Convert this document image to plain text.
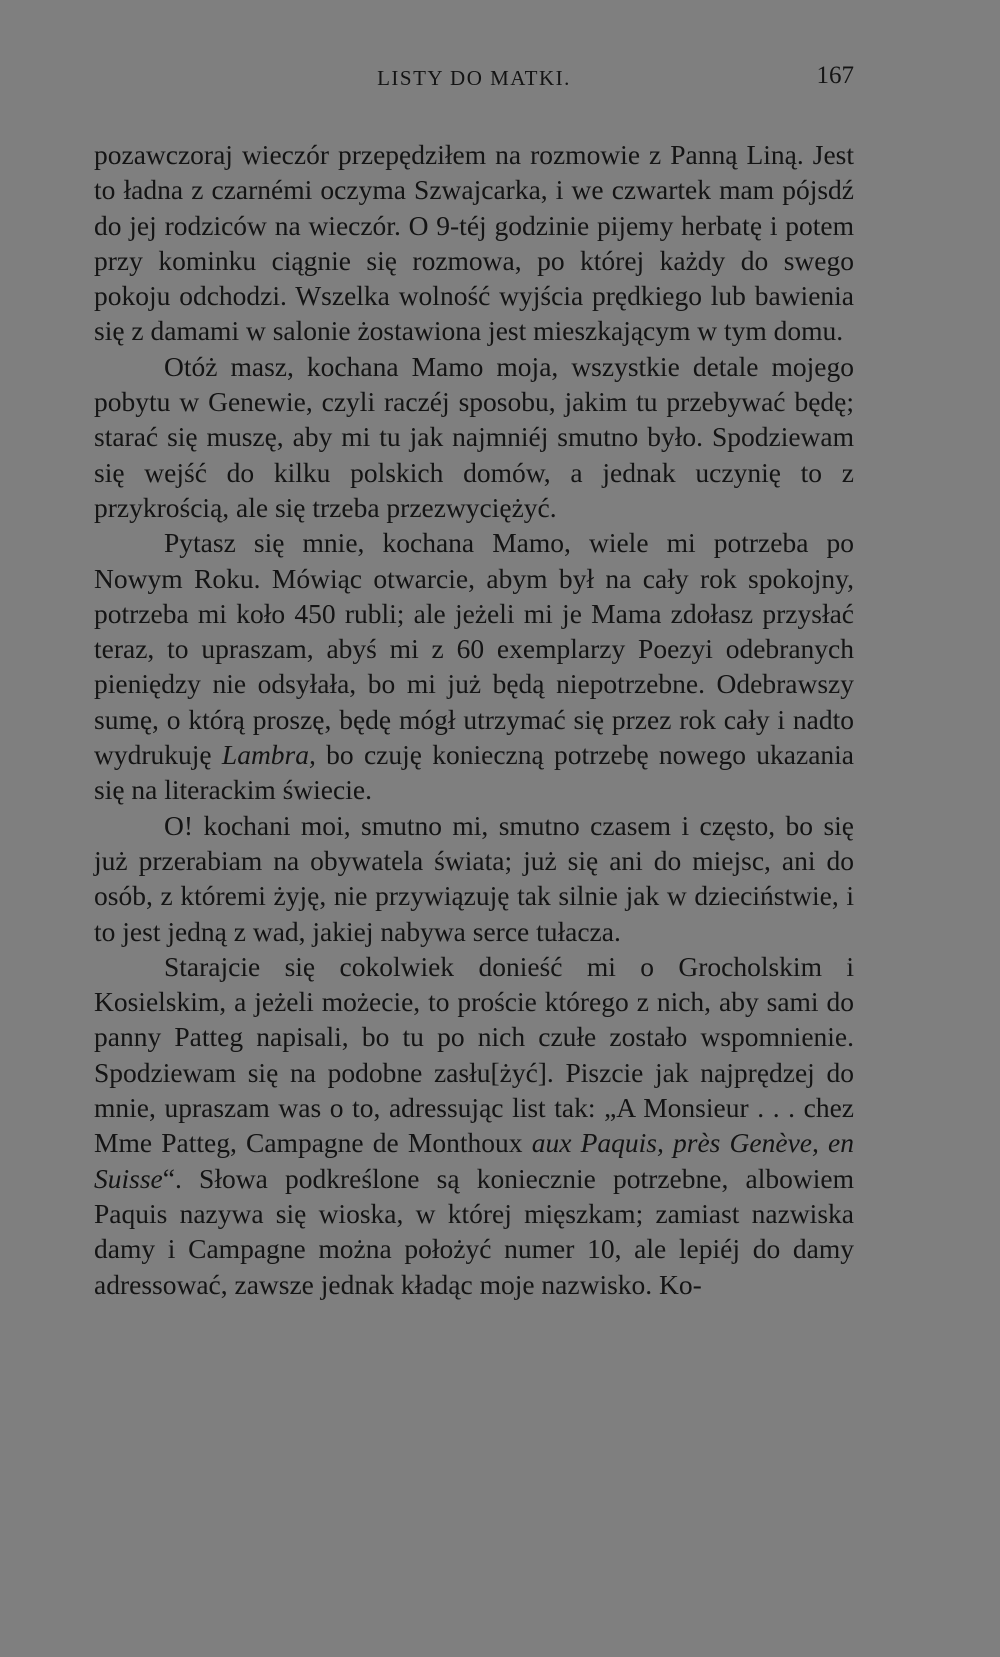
LISTY DO MATKI.	167

pozawczoraj wieczór przepędziłem na rozmowie z Panną Liną. Jest to ładna z czarnémi oczyma Szwajcarka, i we czwartek mam pójsdź do jej rodziców na wieczór. O 9-téj godzinie pijemy herbatę i potem przy kominku ciągnie się rozmowa, po której każdy do swego pokoju odchodzi. Wszelka wolność wyjścia prędkiego lub bawienia się z damami w salonie żostawiona jest mieszkającym w tym domu.

Otóż masz, kochana Mamo moja, wszystkie detale mojego pobytu w Genewie, czyli raczéj sposobu, jakim tu przebywać będę; starać się muszę, aby mi tu jak najmniéj smutno było. Spodziewam się wejść do kilku polskich domów, a jednak uczynię to z przykrością, ale się trzeba przezwyciężyć.

Pytasz się mnie, kochana Mamo, wiele mi potrzeba po Nowym Roku. Mówiąc otwarcie, abym był na cały rok spokojny, potrzeba mi koło 450 rubli; ale jeżeli mi je Mama zdołasz przysłać teraz, to upraszam, abyś mi z 60 exemplarzy Poezyi odebranych pieniędzy nie odsyłała, bo mi już będą niepotrzebne. Odebrawszy sumę, o którą proszę, będę mógł utrzymać się przez rok cały i nadto wydrukuję Lambra, bo czuję konieczną potrzebę nowego ukazania się na literackim świecie.

O! kochani moi, smutno mi, smutno czasem i często, bo się już przerabiam na obywatela świata; już się ani do miejsc, ani do osób, z któremi żyję, nie przywiązuję tak silnie jak w dzieciństwie, i to jest jedną z wad, jakiej nabywa serce tułacza.

Starajcie się cokolwiek donieść mi o Grocholskim i Kosielskim, a jeżeli możecie, to proście którego z nich, aby sami do panny Patteg napisali, bo tu po nich czułe zostało wspomnienie. Spodziewam się na podobne zasłu[żyć]. Piszcie jak najprędzej do mnie, upraszam was o to, adressując list tak: „A Monsieur . . . chez Mme Patteg, Campagne de Monthoux aux Paquis, près Genève, en Suisse“. Słowa podkreślone są koniecznie potrzebne, albowiem Paquis nazywa się wioska, w której mięszkam; zamiast nazwiska damy i Campagne można położyć numer 10, ale lepiéj do damy adressować, zawsze jednak kładąc moje nazwisko. Ko-
